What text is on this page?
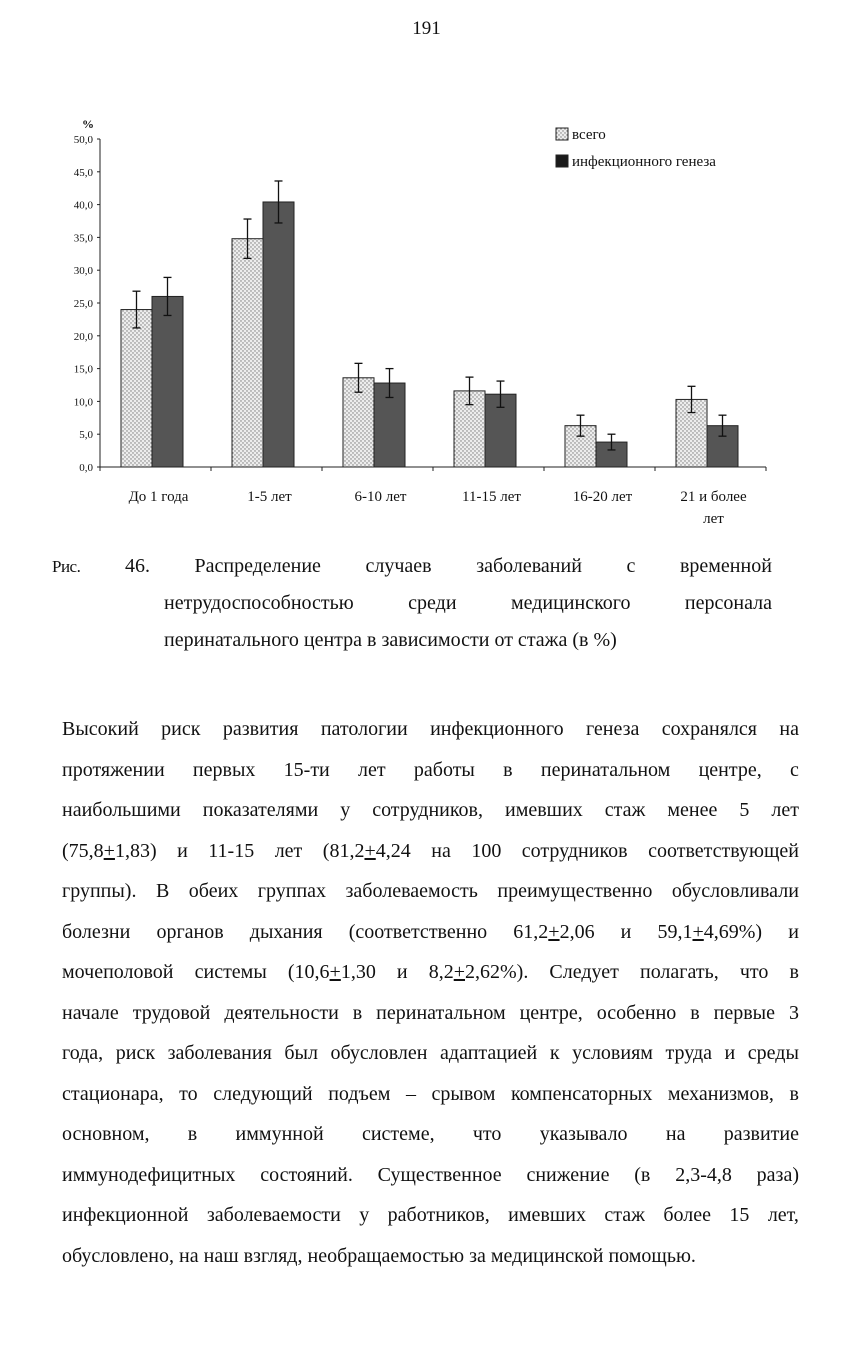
191
0,0
5,0
10,0
15,0
20,0
25,0
30,0
35,0
40,0
45,0
50,0
%
До 1 года	1-5 лет	6-10 лет	11-15 лет	16-20 лет	21 и более лет
всего
инфекционного генеза
Рис. 46. Распределение случаев заболеваний с временной
нетрудоспособностью	среди	медицинского	персонала
перинатального центра в зависимости от стажа (в %)
Высокий риск развития патологии инфекционного генеза сохранялся на
протяжении первых 15-ти лет работы в перинатальном центре, с
наибольшими показателями у сотрудников, имевших стаж менее 5 лет
(75,8+1,83) и 11-15 лет (81,2+4,24 на 100 сотрудников соответствующей
группы). В обеих группах заболеваемость преимущественно обусловливали
болезни органов дыхания (соответственно 61,2+2,06 и 59,1+4,69%) и
мочеполовой системы (10,6+1,30 и 8,2+2,62%). Следует полагать, что в
начале трудовой деятельности в перинатальном центре, особенно в первые 3
года, риск заболевания был обусловлен адаптацией к условиям труда и среды
стационара, то следующий подъем – срывом компенсаторных механизмов, в
основном, в иммунной системе, что указывало на развитие
иммунодефицитных состояний. Существенное снижение (в 2,3-4,8 раза)
инфекционной заболеваемости у работников, имевших стаж более 15 лет,
обусловлено, на наш взгляд, необращаемостью за медицинской помощью.
